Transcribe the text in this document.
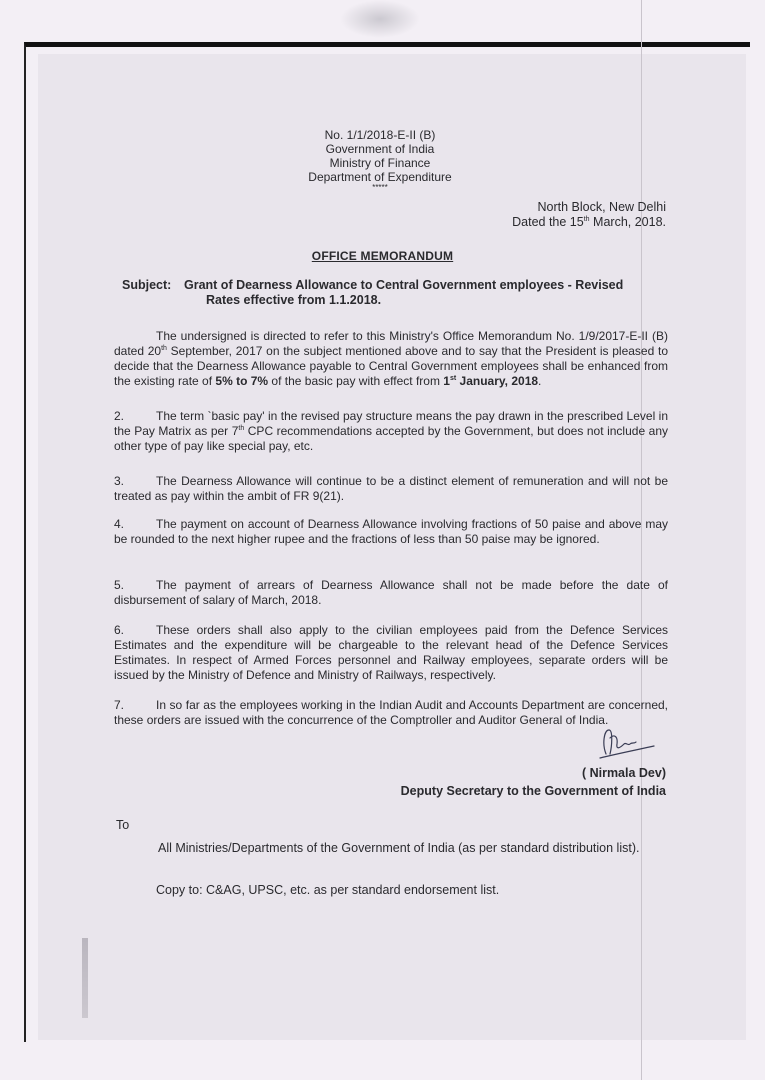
No. 1/1/2018-E-II (B)
Government of India
Ministry of Finance
Department of Expenditure
*****
North Block, New Delhi
Dated the 15th March, 2018.
OFFICE MEMORANDUM
Subject: Grant of Dearness Allowance to Central Government employees - Revised
Rates effective from 1.1.2018.
The undersigned is directed to refer to this Ministry's Office Memorandum No. 1/9/2017-E-II (B) dated 20th September, 2017 on the subject mentioned above and to say that the President is pleased to decide that the Dearness Allowance payable to Central Government employees shall be enhanced from the existing rate of 5% to 7% of the basic pay with effect from 1st January, 2018.
2.	The term `basic pay' in the revised pay structure means the pay drawn in the prescribed Level in the Pay Matrix as per 7th CPC recommendations accepted by the Government, but does not include any other type of pay like special pay, etc.
3.	The Dearness Allowance will continue to be a distinct element of remuneration and will not be treated as pay within the ambit of FR 9(21).
4.	The payment on account of Dearness Allowance involving fractions of 50 paise and above may be rounded to the next higher rupee and the fractions of less than 50 paise may be ignored.
5.	The payment of arrears of Dearness Allowance shall not be made before the date of disbursement of salary of March, 2018.
6.	These orders shall also apply to the civilian employees paid from the Defence Services Estimates and the expenditure will be chargeable to the relevant head of the Defence Services Estimates. In respect of Armed Forces personnel and Railway employees, separate orders will be issued by the Ministry of Defence and Ministry of Railways, respectively.
7.	In so far as the employees working in the Indian Audit and Accounts Department are concerned, these orders are issued with the concurrence of the Comptroller and Auditor General of India.
( Nirmala Dev)
Deputy Secretary to the Government of India
To
All Ministries/Departments of the Government of India (as per standard distribution list).
Copy to: C&AG, UPSC, etc. as per standard endorsement list.
